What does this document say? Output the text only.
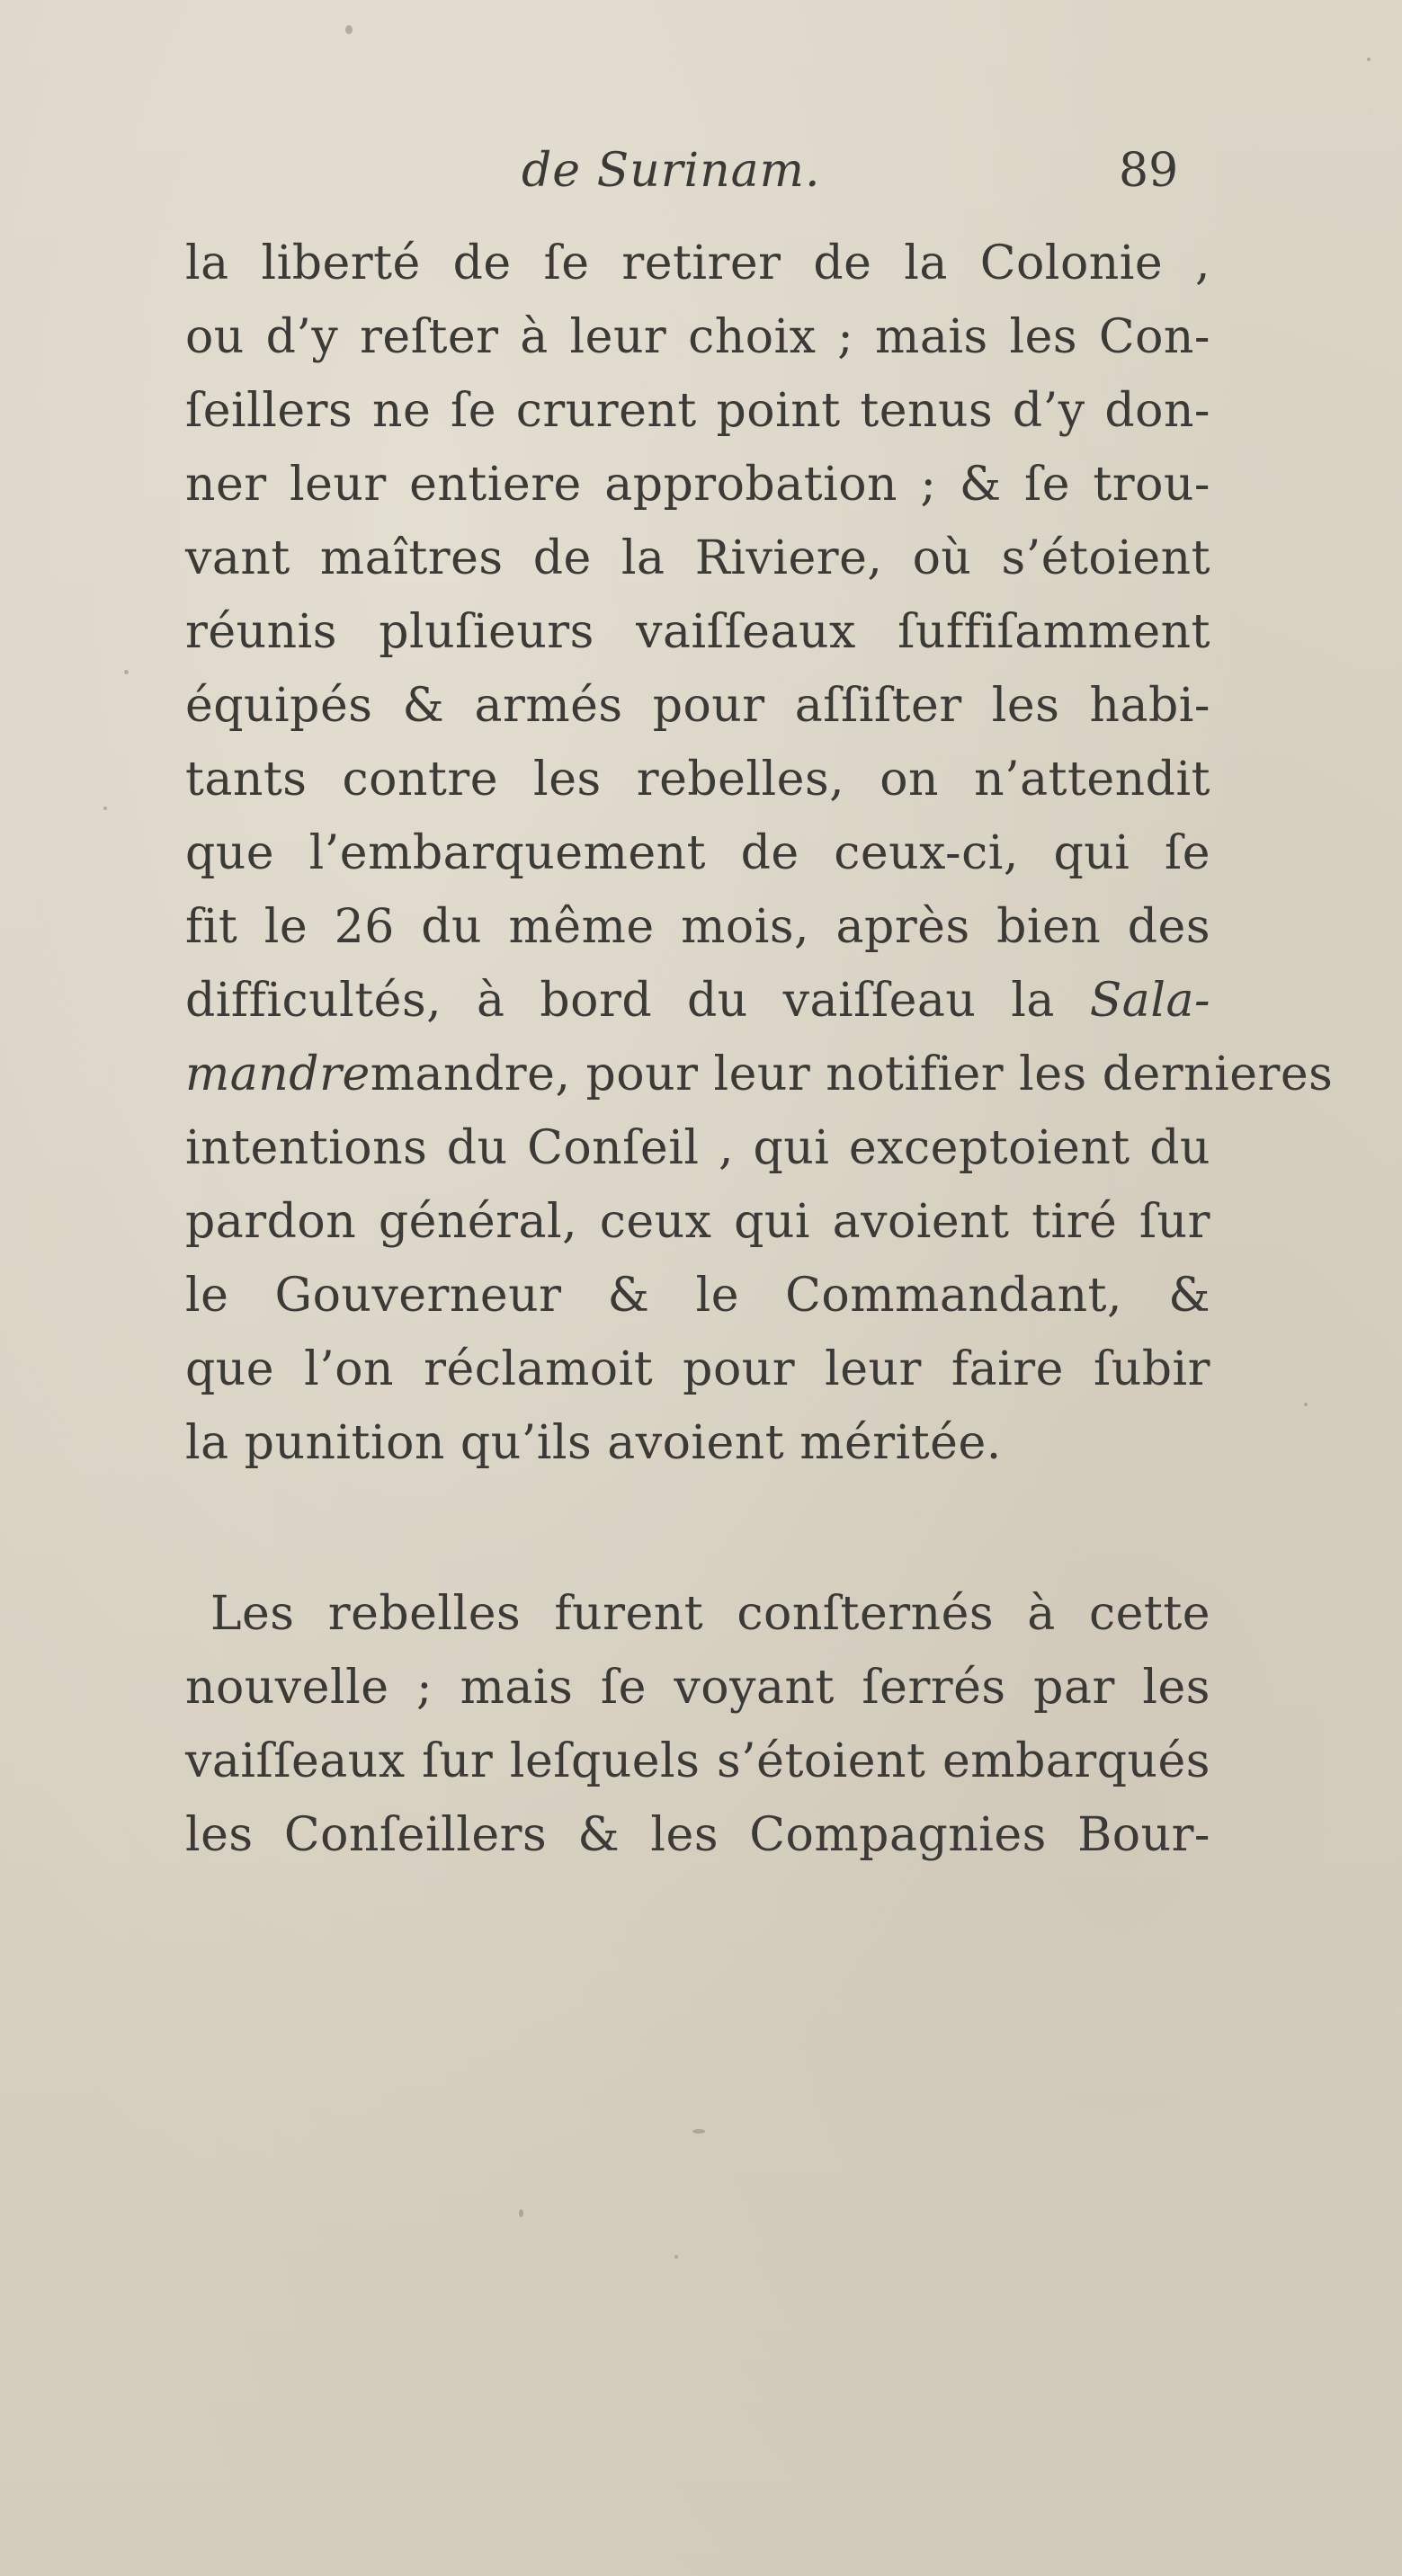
de Surinam.	89
la liberté de ſe retirer de la Colonie ,
ou d’y reſter à leur choix ; mais les Con-
ſeillers ne ſe crurent point tenus d’y don-
ner leur entiere approbation ; & ſe trou-
vant maîtres de la Riviere, où s’étoient
réunis pluſieurs vaiſſeaux ſuffiſamment
équipés & armés pour aſſiſter les habi-
tants contre les rebelles, on n’attendit
que l’embarquement de ceux-ci, qui ſe
fit le 26 du même mois, après bien des
difficultés, à bord du vaiſſeau la Sala-
mandremandre, pour leur notifier les dernieres
intentions du Conſeil , qui exceptoient du
pardon général, ceux qui avoient tiré ſur
le Gouverneur & le Commandant, &
que l’on réclamoit pour leur faire ſubir
la punition qu’ils avoient méritée.
Les rebelles furent conſternés à cette
nouvelle ; mais ſe voyant ſerrés par les
vaiſſeaux ſur leſquels s’étoient embarqués
les Conſeillers & les Compagnies Bour-
